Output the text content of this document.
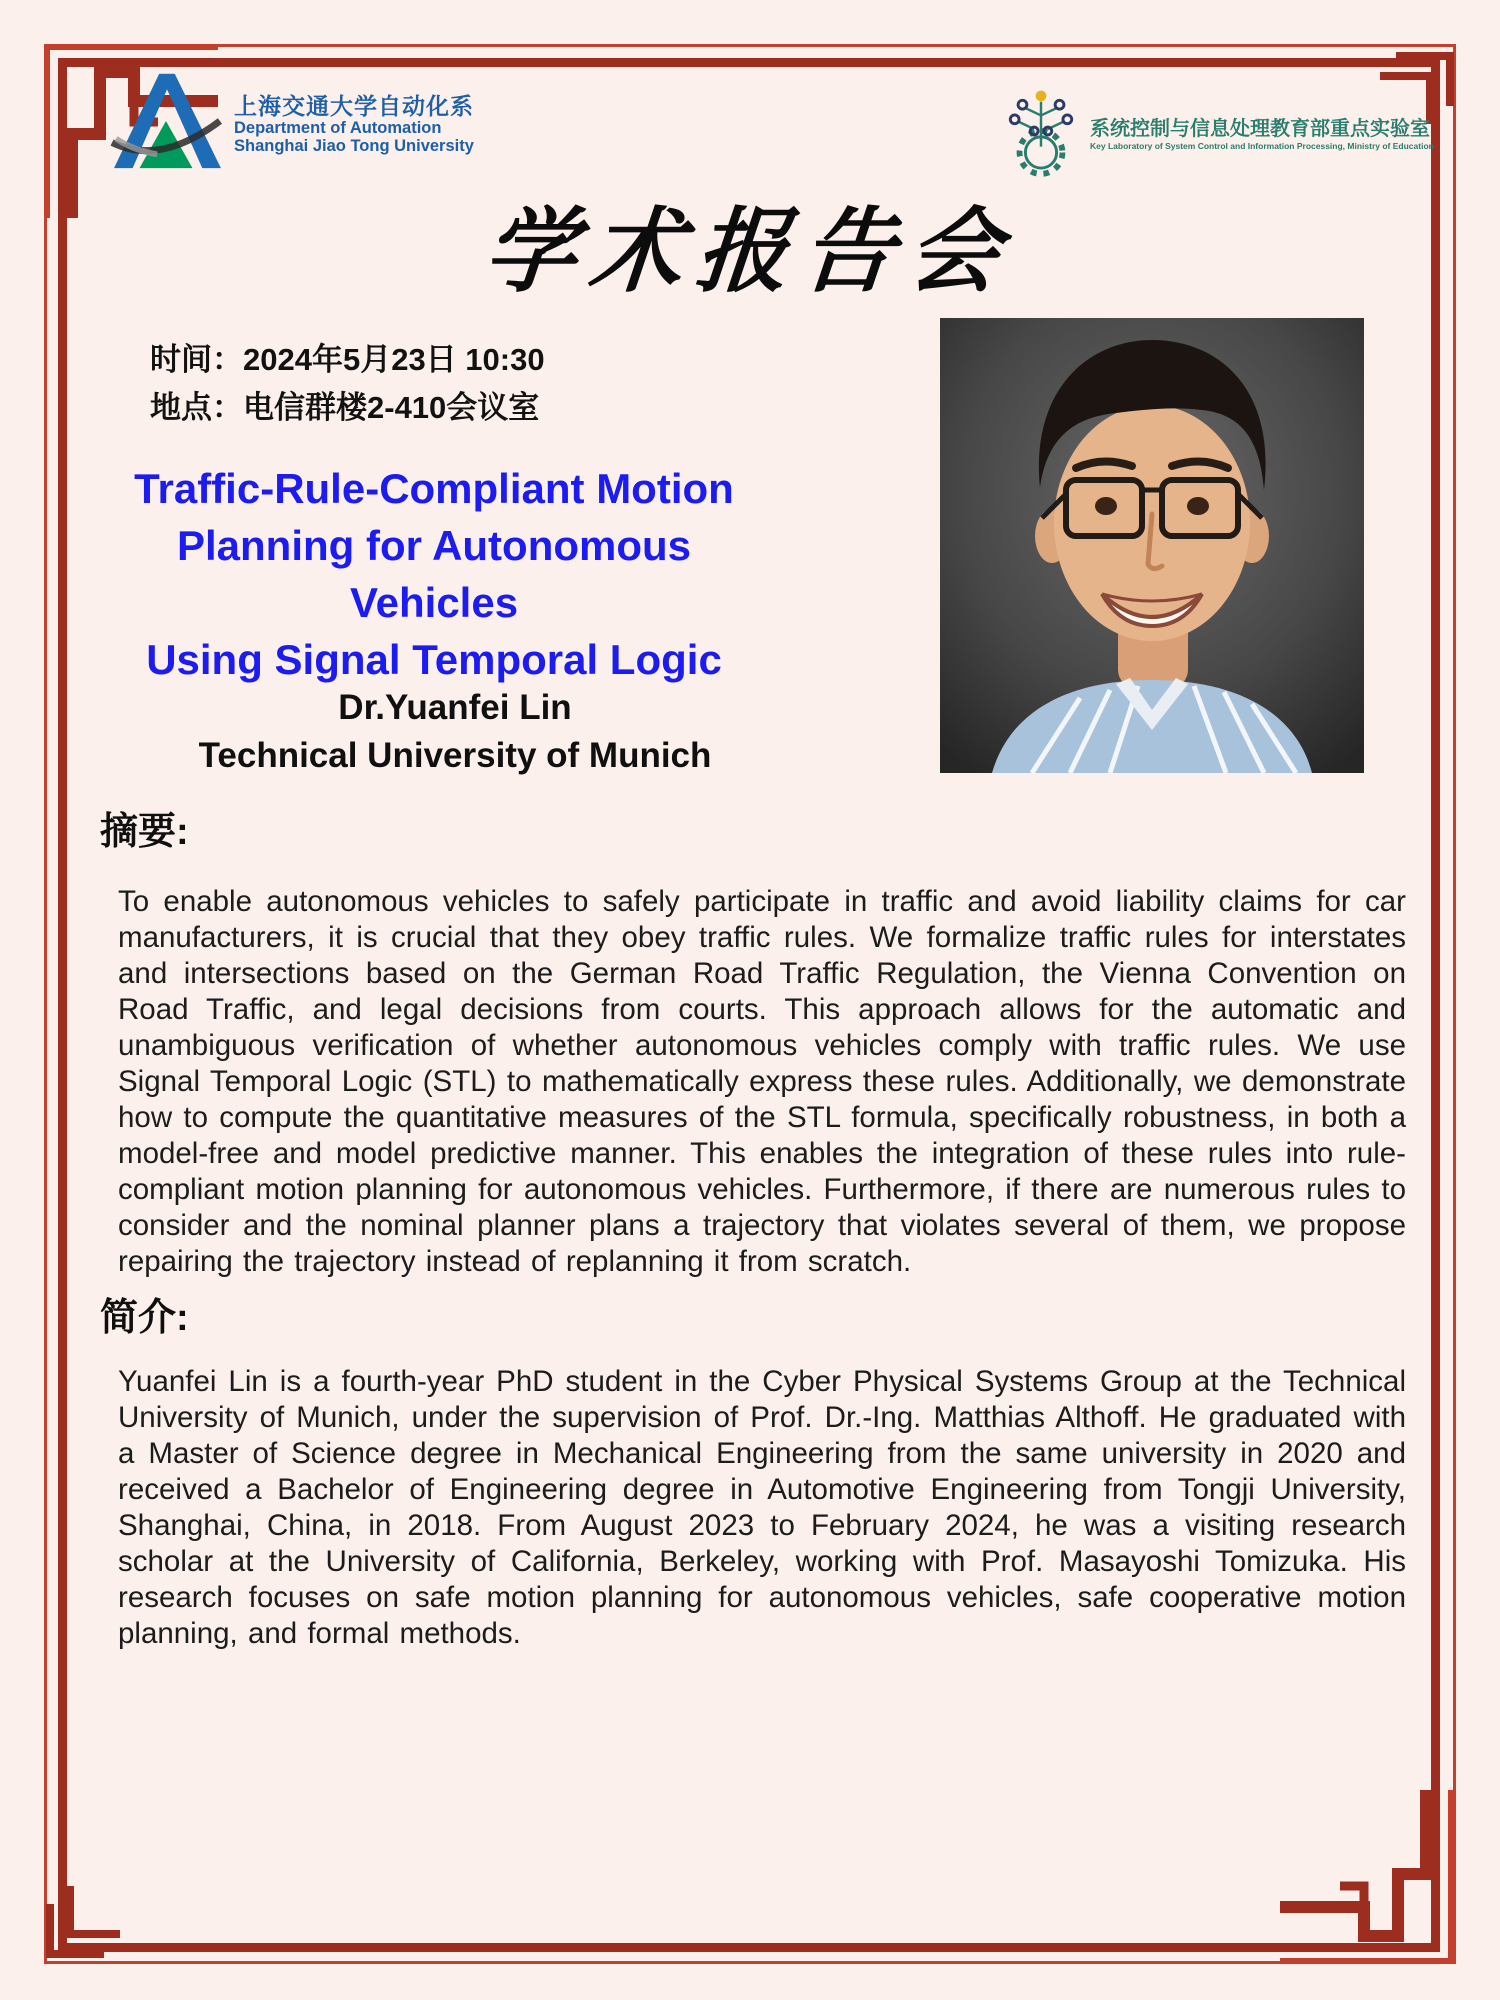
上海交通大学自动化系
Department of Automation
Shanghai Jiao Tong University
系统控制与信息处理教育部重点实验室
Key Laboratory of System Control and Information Processing, Ministry of Education
学术报告会
时间：2024年5月23日 10:30
地点：电信群楼2-410会议室
Traffic-Rule-Compliant Motion
Planning for Autonomous Vehicles
Using Signal Temporal Logic
Dr.Yuanfei Lin
Technical University of Munich
摘要:
To enable autonomous vehicles to safely participate in traffic and avoid liability claims for car manufacturers, it is crucial that they obey traffic rules. We formalize traffic rules for interstates and intersections based on the German Road Traffic Regulation, the Vienna Convention on Road Traffic, and legal decisions from courts. This approach allows for the automatic and unambiguous verification of whether autonomous vehicles comply with traffic rules. We use Signal Temporal Logic (STL) to mathematically express these rules. Additionally, we demonstrate how to compute the quantitative measures of the STL formula, specifically robustness, in both a model-free and model predictive manner. This enables the integration of these rules into rule-compliant motion planning for autonomous vehicles. Furthermore, if there are numerous rules to consider and the nominal planner plans a trajectory that violates several of them, we propose repairing the trajectory instead of replanning it from scratch.
简介:
Yuanfei Lin is a fourth-year PhD student in the Cyber Physical Systems Group at the Technical University of Munich, under the supervision of Prof. Dr.-Ing. Matthias Althoff. He graduated with a Master of Science degree in Mechanical Engineering from the same university in 2020 and received a Bachelor of Engineering degree in Automotive Engineering from Tongji University, Shanghai, China, in 2018. From August 2023 to February 2024, he was a visiting research scholar at the University of California, Berkeley, working with Prof. Masayoshi Tomizuka. His research focuses on safe motion planning for autonomous vehicles, safe cooperative motion planning, and formal methods.
